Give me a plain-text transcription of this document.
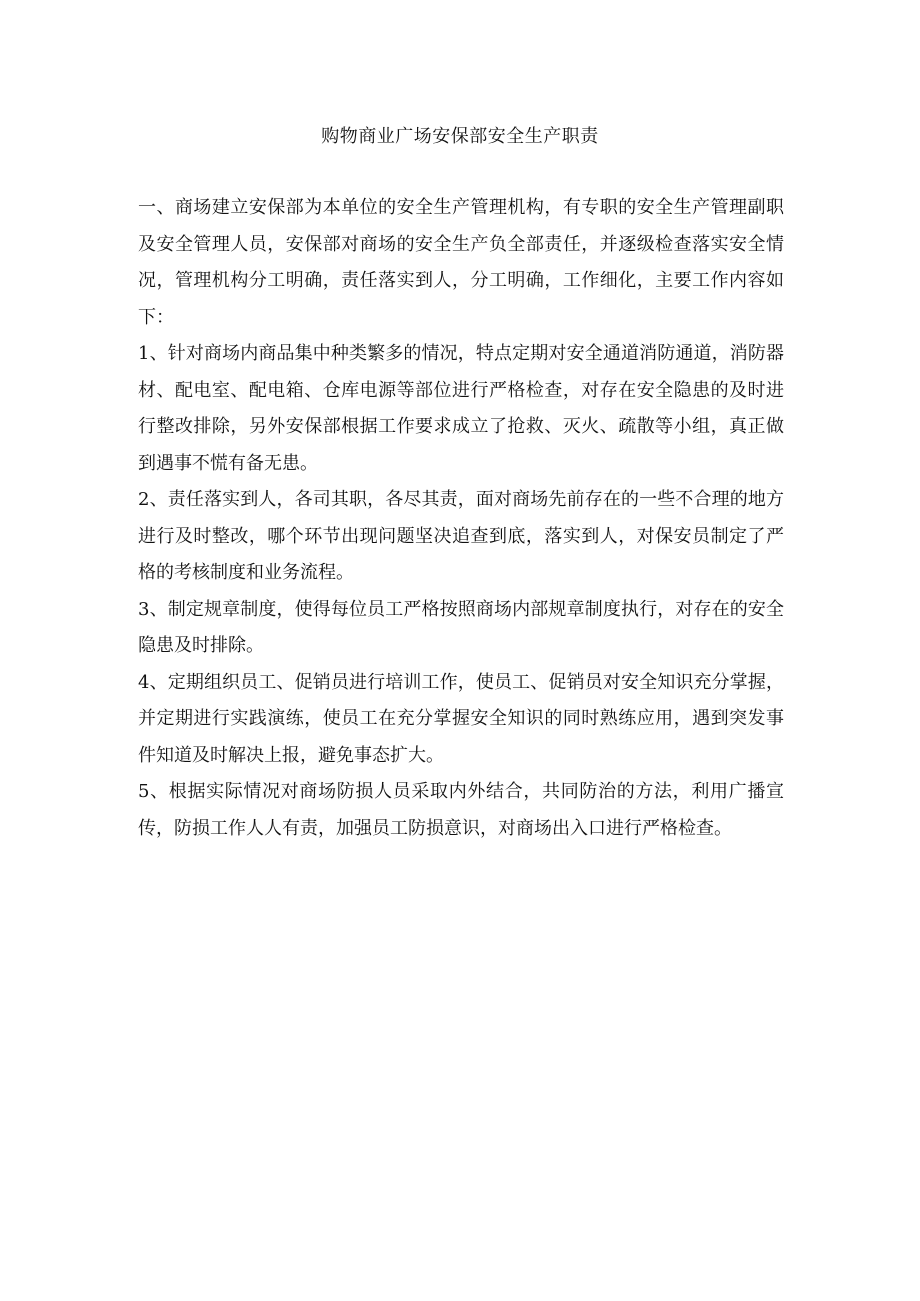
购物商业广场安保部安全生产职责

一、商场建立安保部为本单位的安全生产管理机构，有专职的安全生产管理副职及安全管理人员，安保部对商场的安全生产负全部责任，并逐级检查落实安全情况，管理机构分工明确，责任落实到人，分工明确，工作细化，主要工作内容如下：

1、针对商场内商品集中种类繁多的情况，特点定期对安全通道消防通道，消防器材、配电室、配电箱、仓库电源等部位进行严格检查，对存在安全隐患的及时进行整改排除，另外安保部根据工作要求成立了抢救、灭火、疏散等小组，真正做到遇事不慌有备无患。

2、责任落实到人，各司其职，各尽其责，面对商场先前存在的一些不合理的地方进行及时整改，哪个环节出现问题坚决追查到底，落实到人，对保安员制定了严格的考核制度和业务流程。

3、制定规章制度，使得每位员工严格按照商场内部规章制度执行，对存在的安全隐患及时排除。

4、定期组织员工、促销员进行培训工作，使员工、促销员对安全知识充分掌握，并定期进行实践演练，使员工在充分掌握安全知识的同时熟练应用，遇到突发事件知道及时解决上报，避免事态扩大。

5、根据实际情况对商场防损人员采取内外结合，共同防治的方法，利用广播宣传，防损工作人人有责，加强员工防损意识，对商场出入口进行严格检查。
